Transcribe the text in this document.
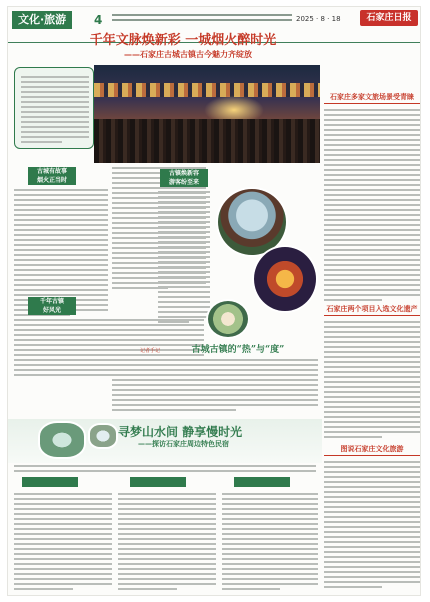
文化·旅游	4	2025 · 8 · 18	石家庄日报
千年文脉焕新彩 一城烟火醉时光
——石家庄古城古镇古今魅力齐绽放
古城有故事
烟火正当时
千年古镇
好风光
古镇焕新容
游客纷至来
记者手记	古城古镇的“热”与“度”
寻梦山水间 静享慢时光
——探访石家庄周边特色民宿
石家庄多家文旅场景受青睐
石家庄两个项目入选文化遗产
图说石家庄文化旅游
